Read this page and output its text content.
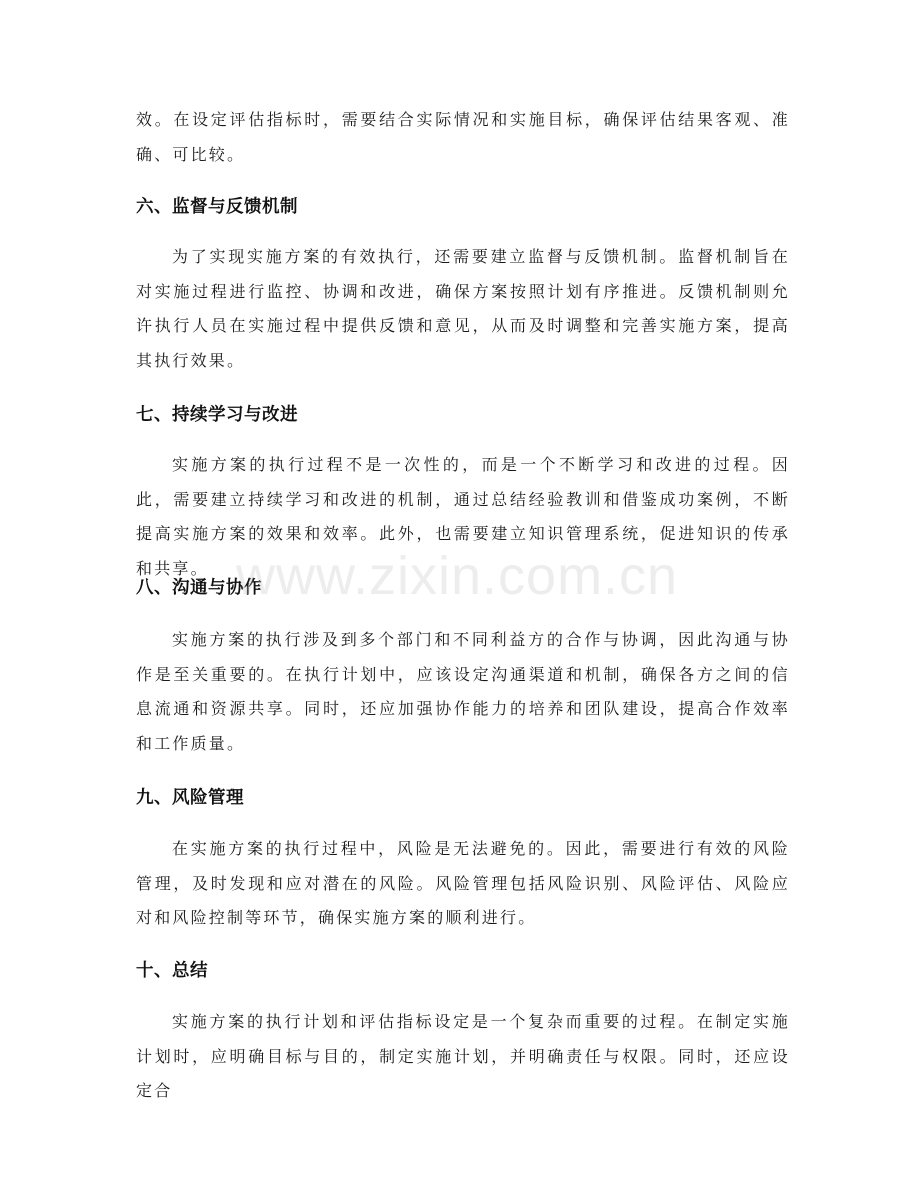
效。在设定评估指标时，需要结合实际情况和实施目标，确保评估结果客观、准确、可比较。

六、监督与反馈机制

为了实现实施方案的有效执行，还需要建立监督与反馈机制。监督机制旨在对实施过程进行监控、协调和改进，确保方案按照计划有序推进。反馈机制则允许执行人员在实施过程中提供反馈和意见，从而及时调整和完善实施方案，提高其执行效果。

七、持续学习与改进

实施方案的执行过程不是一次性的，而是一个不断学习和改进的过程。因此，需要建立持续学习和改进的机制，通过总结经验教训和借鉴成功案例，不断提高实施方案的效果和效率。此外，也需要建立知识管理系统，促进知识的传承和共享。

八、沟通与协作

实施方案的执行涉及到多个部门和不同利益方的合作与协调，因此沟通与协作是至关重要的。在执行计划中，应该设定沟通渠道和机制，确保各方之间的信息流通和资源共享。同时，还应加强协作能力的培养和团队建设，提高合作效率和工作质量。

九、风险管理

在实施方案的执行过程中，风险是无法避免的。因此，需要进行有效的风险管理，及时发现和应对潜在的风险。风险管理包括风险识别、风险评估、风险应对和风险控制等环节，确保实施方案的顺利进行。

十、总结

实施方案的执行计划和评估指标设定是一个复杂而重要的过程。在制定实施计划时，应明确目标与目的，制定实施计划，并明确责任与权限。同时，还应设定合

www.zixin.com.cn
